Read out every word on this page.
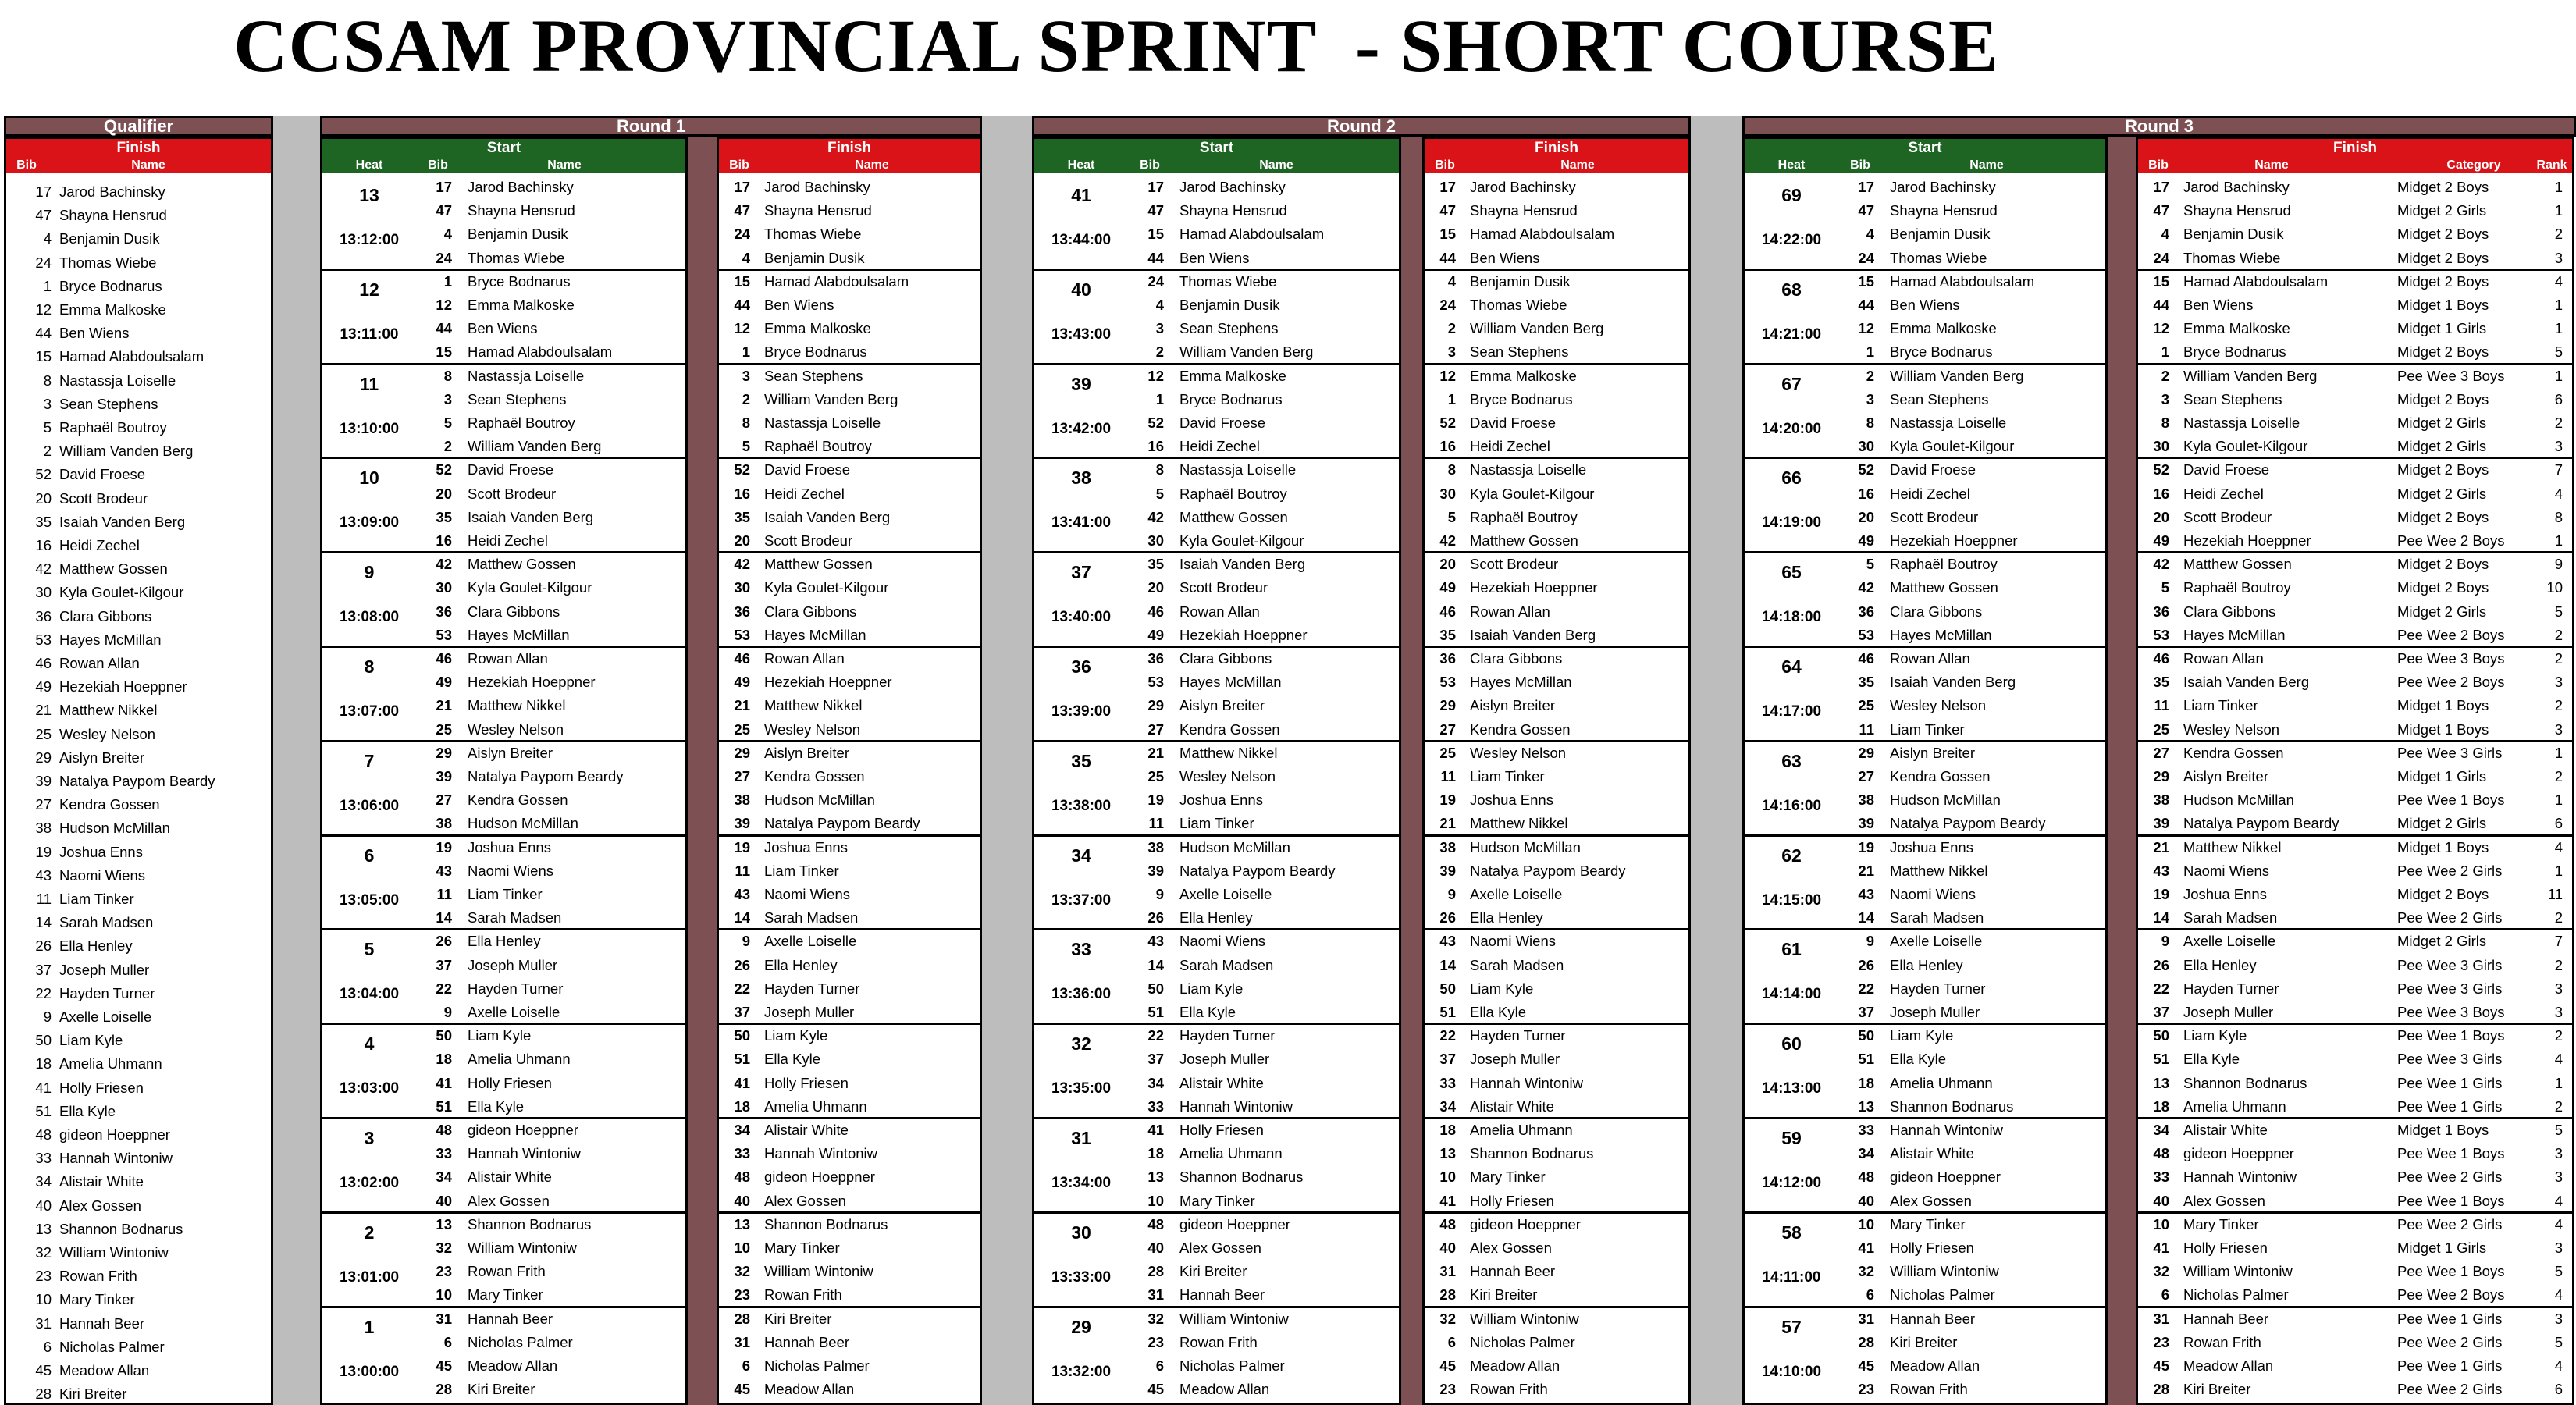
CCSAM PROVINCIAL SPRINT  - SHORT COURSE
Qualifier
Finish
Bib	Name
17 Jarod Bachinsky
47 Shayna Hensrud
4 Benjamin Dusik
24 Thomas Wiebe
1 Bryce Bodnarus
12 Emma Malkoske
44 Ben Wiens
15 Hamad Alabdoulsalam
8 Nastassja Loiselle
3 Sean Stephens
5 Raphaël Boutroy
2 William Vanden Berg
52 David Froese
20 Scott Brodeur
35 Isaiah Vanden Berg
16 Heidi Zechel
42 Matthew Gossen
30 Kyla Goulet-Kilgour
36 Clara Gibbons
53 Hayes McMillan
46 Rowan Allan
49 Hezekiah Hoeppner
21 Matthew Nikkel
25 Wesley Nelson
29 Aislyn Breiter
39 Natalya Paypom Beardy
27 Kendra Gossen
38 Hudson McMillan
19 Joshua Enns
43 Naomi Wiens
11 Liam Tinker
14 Sarah Madsen
26 Ella Henley
37 Joseph Muller
22 Hayden Turner
9 Axelle Loiselle
50 Liam Kyle
18 Amelia Uhmann
41 Holly Friesen
51 Ella Kyle
48 gideon Hoeppner
33 Hannah Wintoniw
34 Alistair White
40 Alex Gossen
13 Shannon Bodnarus
32 William Wintoniw
23 Rowan Frith
10 Mary Tinker
31 Hannah Beer
6 Nicholas Palmer
45 Meadow Allan
28 Kiri Breiter
Round 1
Start
Heat	Bib	Name
13
13:12:00
17 Jarod Bachinsky
47 Shayna Hensrud
4 Benjamin Dusik
24 Thomas Wiebe
12
13:11:00
1 Bryce Bodnarus
12 Emma Malkoske
44 Ben Wiens
15 Hamad Alabdoulsalam
11
13:10:00
8 Nastassja Loiselle
3 Sean Stephens
5 Raphaël Boutroy
2 William Vanden Berg
10
13:09:00
52 David Froese
20 Scott Brodeur
35 Isaiah Vanden Berg
16 Heidi Zechel
9
13:08:00
42 Matthew Gossen
30 Kyla Goulet-Kilgour
36 Clara Gibbons
53 Hayes McMillan
8
13:07:00
46 Rowan Allan
49 Hezekiah Hoeppner
21 Matthew Nikkel
25 Wesley Nelson
7
13:06:00
29 Aislyn Breiter
39 Natalya Paypom Beardy
27 Kendra Gossen
38 Hudson McMillan
6
13:05:00
19 Joshua Enns
43 Naomi Wiens
11 Liam Tinker
14 Sarah Madsen
5
13:04:00
26 Ella Henley
37 Joseph Muller
22 Hayden Turner
9 Axelle Loiselle
4
13:03:00
50 Liam Kyle
18 Amelia Uhmann
41 Holly Friesen
51 Ella Kyle
3
13:02:00
48 gideon Hoeppner
33 Hannah Wintoniw
34 Alistair White
40 Alex Gossen
2
13:01:00
13 Shannon Bodnarus
32 William Wintoniw
23 Rowan Frith
10 Mary Tinker
1
13:00:00
31 Hannah Beer
6 Nicholas Palmer
45 Meadow Allan
28 Kiri Breiter
Finish
Bib	Name
17 Jarod Bachinsky
47 Shayna Hensrud
24 Thomas Wiebe
4 Benjamin Dusik
15 Hamad Alabdoulsalam
44 Ben Wiens
12 Emma Malkoske
1 Bryce Bodnarus
3 Sean Stephens
2 William Vanden Berg
8 Nastassja Loiselle
5 Raphaël Boutroy
52 David Froese
16 Heidi Zechel
35 Isaiah Vanden Berg
20 Scott Brodeur
42 Matthew Gossen
30 Kyla Goulet-Kilgour
36 Clara Gibbons
53 Hayes McMillan
46 Rowan Allan
49 Hezekiah Hoeppner
21 Matthew Nikkel
25 Wesley Nelson
29 Aislyn Breiter
27 Kendra Gossen
38 Hudson McMillan
39 Natalya Paypom Beardy
19 Joshua Enns
11 Liam Tinker
43 Naomi Wiens
14 Sarah Madsen
9 Axelle Loiselle
26 Ella Henley
22 Hayden Turner
37 Joseph Muller
50 Liam Kyle
51 Ella Kyle
41 Holly Friesen
18 Amelia Uhmann
34 Alistair White
33 Hannah Wintoniw
48 gideon Hoeppner
40 Alex Gossen
13 Shannon Bodnarus
10 Mary Tinker
32 William Wintoniw
23 Rowan Frith
28 Kiri Breiter
31 Hannah Beer
6 Nicholas Palmer
45 Meadow Allan
Round 2
Start
Heat	Bib	Name
41
13:44:00
17 Jarod Bachinsky
47 Shayna Hensrud
15 Hamad Alabdoulsalam
44 Ben Wiens
40
13:43:00
24 Thomas Wiebe
4 Benjamin Dusik
3 Sean Stephens
2 William Vanden Berg
39
13:42:00
12 Emma Malkoske
1 Bryce Bodnarus
52 David Froese
16 Heidi Zechel
38
13:41:00
8 Nastassja Loiselle
5 Raphaël Boutroy
42 Matthew Gossen
30 Kyla Goulet-Kilgour
37
13:40:00
35 Isaiah Vanden Berg
20 Scott Brodeur
46 Rowan Allan
49 Hezekiah Hoeppner
36
13:39:00
36 Clara Gibbons
53 Hayes McMillan
29 Aislyn Breiter
27 Kendra Gossen
35
13:38:00
21 Matthew Nikkel
25 Wesley Nelson
19 Joshua Enns
11 Liam Tinker
34
13:37:00
38 Hudson McMillan
39 Natalya Paypom Beardy
9 Axelle Loiselle
26 Ella Henley
33
13:36:00
43 Naomi Wiens
14 Sarah Madsen
50 Liam Kyle
51 Ella Kyle
32
13:35:00
22 Hayden Turner
37 Joseph Muller
34 Alistair White
33 Hannah Wintoniw
31
13:34:00
41 Holly Friesen
18 Amelia Uhmann
13 Shannon Bodnarus
10 Mary Tinker
30
13:33:00
48 gideon Hoeppner
40 Alex Gossen
28 Kiri Breiter
31 Hannah Beer
29
13:32:00
32 William Wintoniw
23 Rowan Frith
6 Nicholas Palmer
45 Meadow Allan
Finish
Bib	Name
17 Jarod Bachinsky
47 Shayna Hensrud
15 Hamad Alabdoulsalam
44 Ben Wiens
4 Benjamin Dusik
24 Thomas Wiebe
2 William Vanden Berg
3 Sean Stephens
12 Emma Malkoske
1 Bryce Bodnarus
52 David Froese
16 Heidi Zechel
8 Nastassja Loiselle
30 Kyla Goulet-Kilgour
5 Raphaël Boutroy
42 Matthew Gossen
20 Scott Brodeur
49 Hezekiah Hoeppner
46 Rowan Allan
35 Isaiah Vanden Berg
36 Clara Gibbons
53 Hayes McMillan
29 Aislyn Breiter
27 Kendra Gossen
25 Wesley Nelson
11 Liam Tinker
19 Joshua Enns
21 Matthew Nikkel
38 Hudson McMillan
39 Natalya Paypom Beardy
9 Axelle Loiselle
26 Ella Henley
43 Naomi Wiens
14 Sarah Madsen
50 Liam Kyle
51 Ella Kyle
22 Hayden Turner
37 Joseph Muller
33 Hannah Wintoniw
34 Alistair White
18 Amelia Uhmann
13 Shannon Bodnarus
10 Mary Tinker
41 Holly Friesen
48 gideon Hoeppner
40 Alex Gossen
31 Hannah Beer
28 Kiri Breiter
32 William Wintoniw
6 Nicholas Palmer
45 Meadow Allan
23 Rowan Frith
Round 3
Start
Heat	Bib	Name
69
14:22:00
17 Jarod Bachinsky
47 Shayna Hensrud
4 Benjamin Dusik
24 Thomas Wiebe
68
14:21:00
15 Hamad Alabdoulsalam
44 Ben Wiens
12 Emma Malkoske
1 Bryce Bodnarus
67
14:20:00
2 William Vanden Berg
3 Sean Stephens
8 Nastassja Loiselle
30 Kyla Goulet-Kilgour
66
14:19:00
52 David Froese
16 Heidi Zechel
20 Scott Brodeur
49 Hezekiah Hoeppner
65
14:18:00
5 Raphaël Boutroy
42 Matthew Gossen
36 Clara Gibbons
53 Hayes McMillan
64
14:17:00
46 Rowan Allan
35 Isaiah Vanden Berg
25 Wesley Nelson
11 Liam Tinker
63
14:16:00
29 Aislyn Breiter
27 Kendra Gossen
38 Hudson McMillan
39 Natalya Paypom Beardy
62
14:15:00
19 Joshua Enns
21 Matthew Nikkel
43 Naomi Wiens
14 Sarah Madsen
61
14:14:00
9 Axelle Loiselle
26 Ella Henley
22 Hayden Turner
37 Joseph Muller
60
14:13:00
50 Liam Kyle
51 Ella Kyle
18 Amelia Uhmann
13 Shannon Bodnarus
59
14:12:00
33 Hannah Wintoniw
34 Alistair White
48 gideon Hoeppner
40 Alex Gossen
58
14:11:00
10 Mary Tinker
41 Holly Friesen
32 William Wintoniw
6 Nicholas Palmer
57
14:10:00
31 Hannah Beer
28 Kiri Breiter
45 Meadow Allan
23 Rowan Frith
Finish
Bib	Name	Category	Rank
17 Jarod Bachinsky	Midget 2 Boys	1
47 Shayna Hensrud	Midget 2 Girls	1
4 Benjamin Dusik	Midget 2 Boys	2
24 Thomas Wiebe	Midget 2 Boys	3
15 Hamad Alabdoulsalam	Midget 2 Boys	4
44 Ben Wiens	Midget 1 Boys	1
12 Emma Malkoske	Midget 1 Girls	1
1 Bryce Bodnarus	Midget 2 Boys	5
2 William Vanden Berg	Pee Wee 3 Boys	1
3 Sean Stephens	Midget 2 Boys	6
8 Nastassja Loiselle	Midget 2 Girls	2
30 Kyla Goulet-Kilgour	Midget 2 Girls	3
52 David Froese	Midget 2 Boys	7
16 Heidi Zechel	Midget 2 Girls	4
20 Scott Brodeur	Midget 2 Boys	8
49 Hezekiah Hoeppner	Pee Wee 2 Boys	1
42 Matthew Gossen	Midget 2 Boys	9
5 Raphaël Boutroy	Midget 2 Boys	10
36 Clara Gibbons	Midget 2 Girls	5
53 Hayes McMillan	Pee Wee 2 Boys	2
46 Rowan Allan	Pee Wee 3 Boys	2
35 Isaiah Vanden Berg	Pee Wee 2 Boys	3
11 Liam Tinker	Midget 1 Boys	2
25 Wesley Nelson	Midget 1 Boys	3
27 Kendra Gossen	Pee Wee 3 Girls	1
29 Aislyn Breiter	Midget 1 Girls	2
38 Hudson McMillan	Pee Wee 1 Boys	1
39 Natalya Paypom Beardy	Midget 2 Girls	6
21 Matthew Nikkel	Midget 1 Boys	4
43 Naomi Wiens	Pee Wee 2 Girls	1
19 Joshua Enns	Midget 2 Boys	11
14 Sarah Madsen	Pee Wee 2 Girls	2
9 Axelle Loiselle	Midget 2 Girls	7
26 Ella Henley	Pee Wee 3 Girls	2
22 Hayden Turner	Pee Wee 3 Girls	3
37 Joseph Muller	Pee Wee 3 Boys	3
50 Liam Kyle	Pee Wee 1 Boys	2
51 Ella Kyle	Pee Wee 3 Girls	4
13 Shannon Bodnarus	Pee Wee 1 Girls	1
18 Amelia Uhmann	Pee Wee 1 Girls	2
34 Alistair White	Midget 1 Boys	5
48 gideon Hoeppner	Pee Wee 1 Boys	3
33 Hannah Wintoniw	Pee Wee 2 Girls	3
40 Alex Gossen	Pee Wee 1 Boys	4
10 Mary Tinker	Pee Wee 2 Girls	4
41 Holly Friesen	Midget 1 Girls	3
32 William Wintoniw	Pee Wee 1 Boys	5
6 Nicholas Palmer	Pee Wee 2 Boys	4
31 Hannah Beer	Pee Wee 1 Girls	3
23 Rowan Frith	Pee Wee 2 Girls	5
45 Meadow Allan	Pee Wee 1 Girls	4
28 Kiri Breiter	Pee Wee 2 Girls	6
